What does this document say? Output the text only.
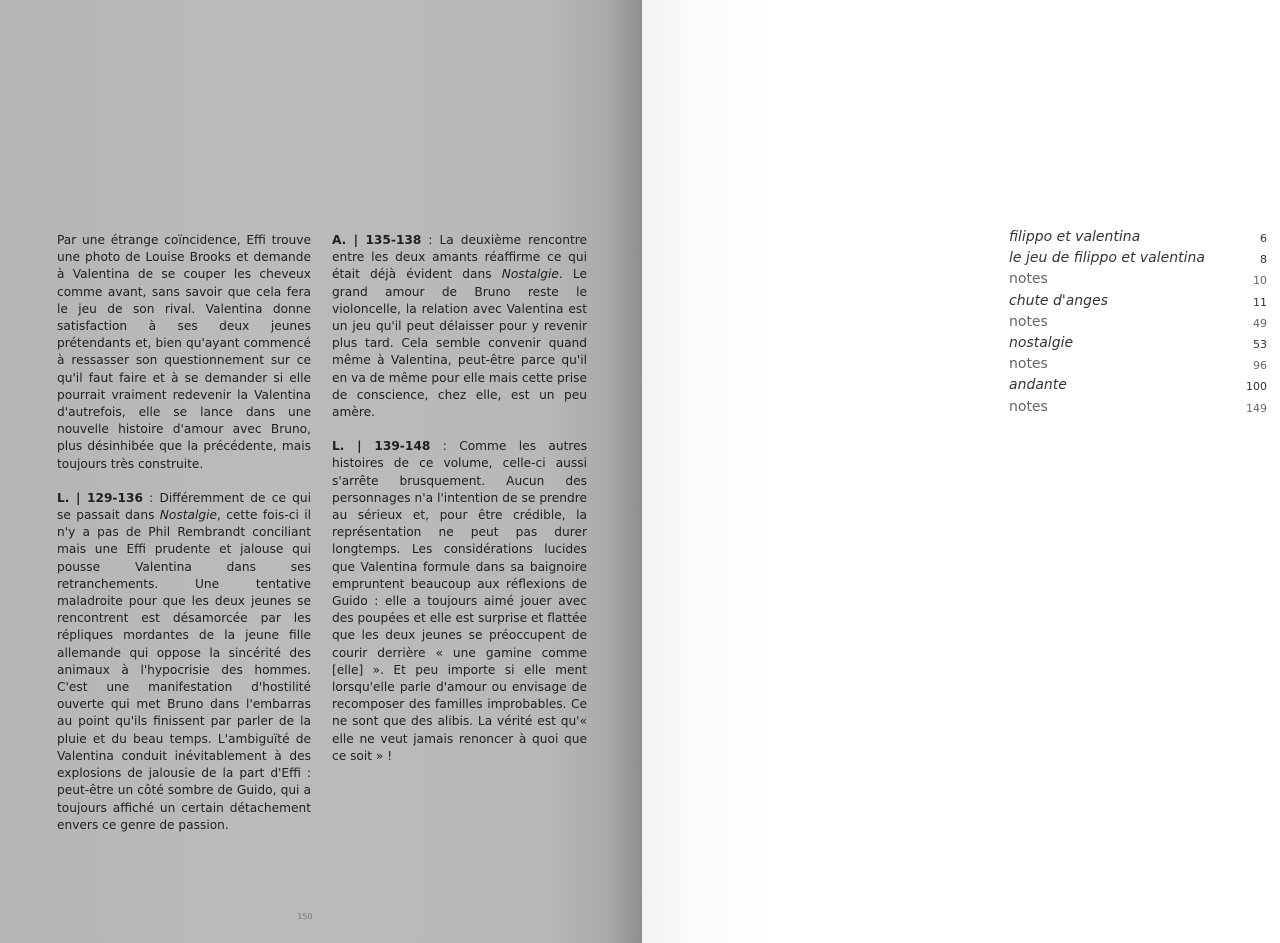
Par une étrange coïncidence, Effi trouve une photo de Louise Brooks et demande à Valentina de se couper les cheveux comme avant, sans savoir que cela fera le jeu de son rival. Valentina donne satisfaction à ses deux jeunes prétendants et, bien qu'ayant commencé à ressasser son questionnement sur ce qu'il faut faire et à se demander si elle pourrait vraiment redevenir la Valentina d'autrefois, elle se lance dans une nouvelle histoire d'amour avec Bruno, plus désinhibée que la précédente, mais toujours très construite.

L. | 129-136 : Différemment de ce qui se passait dans Nostalgie, cette fois-ci il n'y a pas de Phil Rembrandt conciliant mais une Effi prudente et jalouse qui pousse Valentina dans ses retranchements. Une tentative maladroite pour que les deux jeunes se rencontrent est désamorcée par les répliques mordantes de la jeune fille allemande qui oppose la sincérité des animaux à l'hypocrisie des hommes. C'est une manifestation d'hostilité ouverte qui met Bruno dans l'embarras au point qu'ils finissent par parler de la pluie et du beau temps. L'ambiguïté de Valentina conduit inévitablement à des explosions de jalousie de la part d'Effi : peut-être un côté sombre de Guido, qui a toujours affiché un certain détachement envers ce genre de passion.

A. | 135-138 : La deuxième rencontre entre les deux amants réaffirme ce qui était déjà évident dans Nostalgie. Le grand amour de Bruno reste le violoncelle, la relation avec Valentina est un jeu qu'il peut délaisser pour y revenir plus tard. Cela semble convenir quand même à Valentina, peut-être parce qu'il en va de même pour elle mais cette prise de conscience, chez elle, est un peu amère.

L. | 139-148 : Comme les autres histoires de ce volume, celle-ci aussi s'arrête brusquement. Aucun des personnages n'a l'intention de se prendre au sérieux et, pour être crédible, la représentation ne peut pas durer longtemps. Les considérations lucides que Valentina formule dans sa baignoire empruntent beaucoup aux réflexions de Guido : elle a toujours aimé jouer avec des poupées et elle est surprise et flattée que les deux jeunes se préoccupent de courir derrière « une gamine comme [elle] ». Et peu importe si elle ment lorsqu'elle parle d'amour ou envisage de recomposer des familles improbables. Ce ne sont que des alibis. La vérité est qu'« elle ne veut jamais renoncer à quoi que ce soit » !

150
filippo et valentina	6
le jeu de filippo et valentina	8
notes	10
chute d'anges	11
notes	49
nostalgie	53
notes	96
andante	100
notes	149
